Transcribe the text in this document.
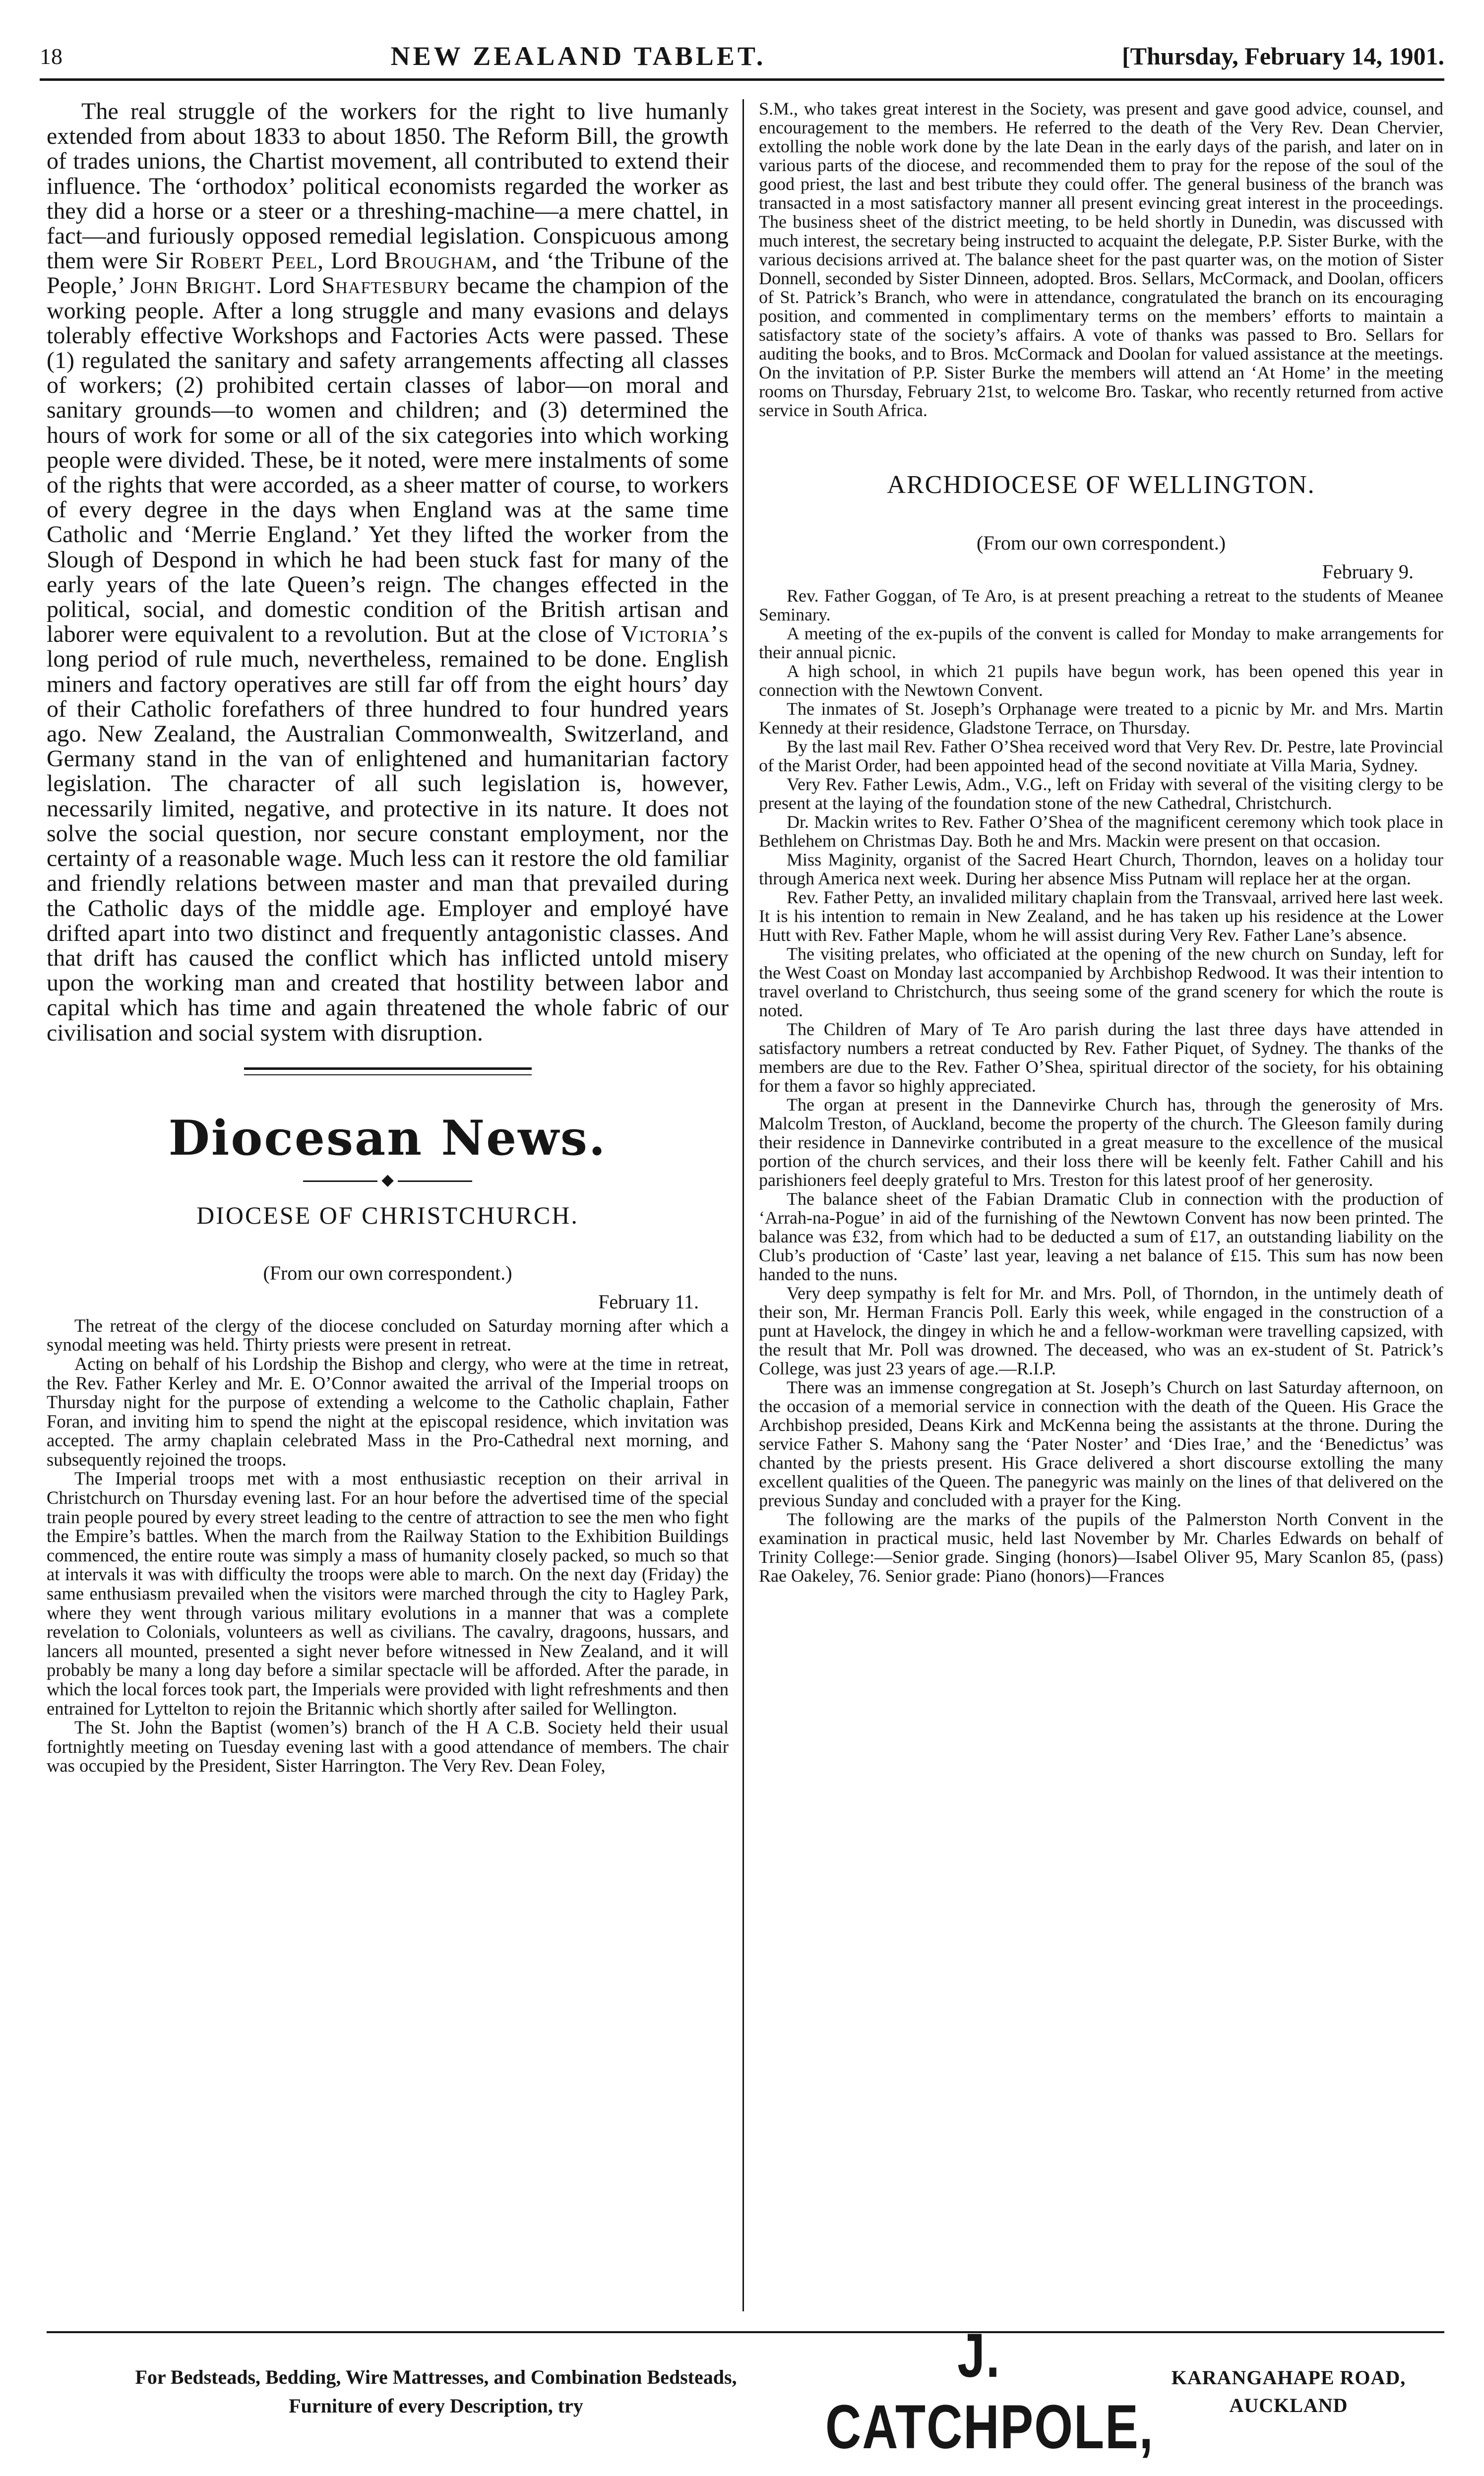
18	NEW ZEALAND TABLET.	[Thursday, February 14, 1901.

The real struggle of the workers for the right to live humanly extended from about 1833 to about 1850. The Reform Bill, the growth of trades unions, the Chartist movement, all contributed to extend their influence. The ‘orthodox’ political economists regarded the worker as they did a horse or a steer or a threshing-machine—a mere chattel, in fact—and furiously opposed remedial legislation. Conspicuous among them were Sir Robert Peel, Lord Brougham, and ‘the Tribune of the People,’ John Bright. Lord Shaftesbury became the champion of the working people. After a long struggle and many evasions and delays tolerably effective Workshops and Factories Acts were passed. These (1) regulated the sanitary and safety arrangements affecting all classes of workers; (2) prohibited certain classes of labor—on moral and sanitary grounds—to women and children; and (3) determined the hours of work for some or all of the six categories into which working people were divided. These, be it noted, were mere instalments of some of the rights that were accorded, as a sheer matter of course, to workers of every degree in the days when England was at the same time Catholic and ‘Merrie England.’ Yet they lifted the worker from the Slough of Despond in which he had been stuck fast for many of the early years of the late Queen’s reign. The changes effected in the political, social, and domestic condition of the British artisan and laborer were equivalent to a revolution. But at the close of Victoria’s long period of rule much, nevertheless, remained to be done. English miners and factory operatives are still far off from the eight hours’ day of their Catholic forefathers of three hundred to four hundred years ago. New Zealand, the Australian Commonwealth, Switzerland, and Germany stand in the van of enlightened and humanitarian factory legislation. The character of all such legislation is, however, necessarily limited, negative, and protective in its nature. It does not solve the social question, nor secure constant employment, nor the certainty of a reasonable wage. Much less can it restore the old familiar and friendly relations between master and man that prevailed during the Catholic days of the middle age. Employer and employé have drifted apart into two distinct and frequently antagonistic classes. And that drift has caused the conflict which has inflicted untold misery upon the working man and created that hostility between labor and capital which has time and again threatened the whole fabric of our civilisation and social system with disruption.

Diocesan News.
◆
DIOCESE OF CHRISTCHURCH.
(From our own correspondent.)
February 11.

The retreat of the clergy of the diocese concluded on Saturday morning after which a synodal meeting was held. Thirty priests were present in retreat.

Acting on behalf of his Lordship the Bishop and clergy, who were at the time in retreat, the Rev. Father Kerley and Mr. E. O’Connor awaited the arrival of the Imperial troops on Thursday night for the purpose of extending a welcome to the Catholic chaplain, Father Foran, and inviting him to spend the night at the episcopal residence, which invitation was accepted. The army chaplain celebrated Mass in the Pro-Cathedral next morning, and subsequently rejoined the troops.

The Imperial troops met with a most enthusiastic reception on their arrival in Christchurch on Thursday evening last. For an hour before the advertised time of the special train people poured by every street leading to the centre of attraction to see the men who fight the Empire’s battles. When the march from the Railway Station to the Exhibition Buildings commenced, the entire route was simply a mass of humanity closely packed, so much so that at intervals it was with difficulty the troops were able to march. On the next day (Friday) the same enthusiasm prevailed when the visitors were marched through the city to Hagley Park, where they went through various military evolutions in a manner that was a complete revelation to Colonials, volunteers as well as civilians. The cavalry, dragoons, hussars, and lancers all mounted, presented a sight never before witnessed in New Zealand, and it will probably be many a long day before a similar spectacle will be afforded. After the parade, in which the local forces took part, the Imperials were provided with light refreshments and then entrained for Lyttelton to rejoin the Britannic which shortly after sailed for Wellington.

The St. John the Baptist (women’s) branch of the H A C.B. Society held their usual fortnightly meeting on Tuesday evening last with a good attendance of members. The chair was occupied by the President, Sister Harrington. The Very Rev. Dean Foley,

S.M., who takes great interest in the Society, was present and gave good advice, counsel, and encouragement to the members. He referred to the death of the Very Rev. Dean Chervier, extolling the noble work done by the late Dean in the early days of the parish, and later on in various parts of the diocese, and recommended them to pray for the repose of the soul of the good priest, the last and best tribute they could offer. The general business of the branch was transacted in a most satisfactory manner all present evincing great interest in the proceedings. The business sheet of the district meeting, to be held shortly in Dunedin, was discussed with much interest, the secretary being instructed to acquaint the delegate, P.P. Sister Burke, with the various decisions arrived at. The balance sheet for the past quarter was, on the motion of Sister Donnell, seconded by Sister Dinneen, adopted. Bros. Sellars, McCormack, and Doolan, officers of St. Patrick’s Branch, who were in attendance, congratulated the branch on its encouraging position, and commented in complimentary terms on the members’ efforts to maintain a satisfactory state of the society’s affairs. A vote of thanks was passed to Bro. Sellars for auditing the books, and to Bros. McCormack and Doolan for valued assistance at the meetings. On the invitation of P.P. Sister Burke the members will attend an ‘At Home’ in the meeting rooms on Thursday, February 21st, to welcome Bro. Taskar, who recently returned from active service in South Africa.

ARCHDIOCESE OF WELLINGTON.
(From our own correspondent.)
February 9.

Rev. Father Goggan, of Te Aro, is at present preaching a retreat to the students of Meanee Seminary.

A meeting of the ex-pupils of the convent is called for Monday to make arrangements for their annual picnic.

A high school, in which 21 pupils have begun work, has been opened this year in connection with the Newtown Convent.

The inmates of St. Joseph’s Orphanage were treated to a picnic by Mr. and Mrs. Martin Kennedy at their residence, Gladstone Terrace, on Thursday.

By the last mail Rev. Father O’Shea received word that Very Rev. Dr. Pestre, late Provincial of the Marist Order, had been appointed head of the second novitiate at Villa Maria, Sydney.

Very Rev. Father Lewis, Adm., V.G., left on Friday with several of the visiting clergy to be present at the laying of the foundation stone of the new Cathedral, Christchurch.

Dr. Mackin writes to Rev. Father O’Shea of the magnificent ceremony which took place in Bethlehem on Christmas Day. Both he and Mrs. Mackin were present on that occasion.

Miss Maginity, organist of the Sacred Heart Church, Thorndon, leaves on a holiday tour through America next week. During her absence Miss Putnam will replace her at the organ.

Rev. Father Petty, an invalided military chaplain from the Transvaal, arrived here last week. It is his intention to remain in New Zealand, and he has taken up his residence at the Lower Hutt with Rev. Father Maple, whom he will assist during Very Rev. Father Lane’s absence.

The visiting prelates, who officiated at the opening of the new church on Sunday, left for the West Coast on Monday last accompanied by Archbishop Redwood. It was their intention to travel overland to Christchurch, thus seeing some of the grand scenery for which the route is noted.

The Children of Mary of Te Aro parish during the last three days have attended in satisfactory numbers a retreat conducted by Rev. Father Piquet, of Sydney. The thanks of the members are due to the Rev. Father O’Shea, spiritual director of the society, for his obtaining for them a favor so highly appreciated.

The organ at present in the Dannevirke Church has, through the generosity of Mrs. Malcolm Treston, of Auckland, become the property of the church. The Gleeson family during their residence in Dannevirke contributed in a great measure to the excellence of the musical portion of the church services, and their loss there will be keenly felt. Father Cahill and his parishioners feel deeply grateful to Mrs. Treston for this latest proof of her generosity.

The balance sheet of the Fabian Dramatic Club in connection with the production of ‘Arrah-na-Pogue’ in aid of the furnishing of the Newtown Convent has now been printed. The balance was £32, from which had to be deducted a sum of £17, an outstanding liability on the Club’s production of ‘Caste’ last year, leaving a net balance of £15. This sum has now been handed to the nuns.

Very deep sympathy is felt for Mr. and Mrs. Poll, of Thorndon, in the untimely death of their son, Mr. Herman Francis Poll. Early this week, while engaged in the construction of a punt at Havelock, the dingey in which he and a fellow-workman were travelling capsized, with the result that Mr. Poll was drowned. The deceased, who was an ex-student of St. Patrick’s College, was just 23 years of age.—R.I.P.

There was an immense congregation at St. Joseph’s Church on last Saturday afternoon, on the occasion of a memorial service in connection with the death of the Queen. His Grace the Archbishop presided, Deans Kirk and McKenna being the assistants at the throne. During the service Father S. Mahony sang the ‘Pater Noster’ and ‘Dies Irae,’ and the ‘Benedictus’ was chanted by the priests present. His Grace delivered a short discourse extolling the many excellent qualities of the Queen. The panegyric was mainly on the lines of that delivered on the previous Sunday and concluded with a prayer for the King.

The following are the marks of the pupils of the Palmerston North Convent in the examination in practical music, held last November by Mr. Charles Edwards on behalf of Trinity College:—Senior grade. Singing (honors)—Isabel Oliver 95, Mary Scanlon 85, (pass) Rae Oakeley, 76. Senior grade: Piano (honors)—Frances

For Bedsteads, Bedding, Wire Mattresses, and Combination Bedsteads,
Furniture of every Description, try
J. CATCHPOLE,
KARANGAHAPE ROAD,
AUCKLAND
